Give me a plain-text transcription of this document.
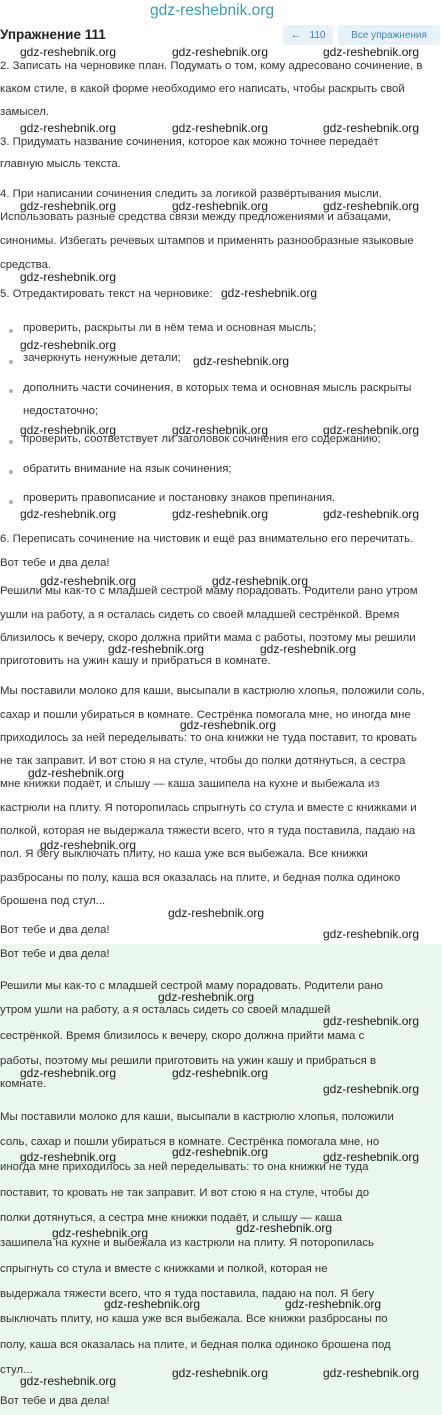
gdz-reshebnik.org
Упражнение 111	← 110	Все упражнения
2. Записать на черновике план. Подумать о том, кому адресовано сочинение, в
каком стиле, в какой форме необходимо его написать, чтобы раскрыть свой
замысел.
3. Придумать название сочинения, которое как можно точнее передаёт
главную мысль текста.
4. При написании сочинения следить за логикой развёртывания мысли.
Использовать разные средства связи между предложениями и абзацами,
синонимы. Избегать речевых штампов и применять разнообразные языковые
средства.
5. Отредактировать текст на черновике:
проверить, раскрыты ли в нём тема и основная мысль;
зачеркнуть ненужные детали;
дополнить части сочинения, в которых тема и основная мысль раскрыты
недостаточно;
проверить, соответствует ли заголовок сочинения его содержанию;
обратить внимание на язык сочинения;
проверить правописание и постановку знаков препинания.
6. Переписать сочинение на чистовик и ещё раз внимательно его перечитать.
Вот тебе и два дела!
Решили мы как-то с младшей сестрой маму порадовать. Родители рано утром
ушли на работу, а я осталась сидеть со своей младшей сестрёнкой. Время
близилось к вечеру, скоро должна прийти мама с работы, поэтому мы решили
приготовить на ужин кашу и прибраться в комнате.
Мы поставили молоко для каши, высыпали в кастрюлю хлопья, положили соль,
сахар и пошли убираться в комнате. Сестрёнка помогала мне, но иногда мне
приходилось за ней переделывать: то она книжки не туда поставит, то кровать
не так заправит. И вот стою я на стуле, чтобы до полки дотянуться, а сестра
мне книжки подаёт, и слышу — каша зашипела на кухне и выбежала из
кастрюли на плиту. Я поторопилась спрыгнуть со стула и вместе с книжками и
полкой, которая не выдержала тяжести всего, что я туда поставила, падаю на
пол. Я бегу выключать плиту, но каша уже вся выбежала. Все книжки
разбросаны по полу, каша вся оказалась на плите, и бедная полка одиноко
брошена под стул...
Вот тебе и два дела!
Вот тебе и два дела!
Решили мы как-то с младшей сестрой маму порадовать. Родители рано
утром ушли на работу, а я осталась сидеть со своей младшей
сестрёнкой. Время близилось к вечеру, скоро должна прийти мама с
работы, поэтому мы решили приготовить на ужин кашу и прибраться в
комнате.
Мы поставили молоко для каши, высыпали в кастрюлю хлопья, положили
соль, сахар и пошли убираться в комнате. Сестрёнка помогала мне, но
иногда мне приходилось за ней переделывать: то она книжки не туда
поставит, то кровать не так заправит. И вот стою я на стуле, чтобы до
полки дотянуться, а сестра мне книжки подаёт, и слышу — каша
зашипела на кухне и выбежала из кастрюли на плиту. Я поторопилась
спрыгнуть со стула и вместе с книжками и полкой, которая не
выдержала тяжести всего, что я туда поставила, падаю на пол. Я бегу
выключать плиту, но каша уже вся выбежала. Все книжки разбросаны по
полу, каша вся оказалась на плите, и бедная полка одиноко брошена под
стул...
Вот тебе и два дела!
gdz-reshebnik.org	gdz-reshebnik.org	gdz-reshebnik.org
gdz-reshebnik.org	gdz-reshebnik.org	gdz-reshebnik.org
gdz-reshebnik.org	gdz-reshebnik.org	gdz-reshebnik.org
gdz-reshebnik.org
gdz-reshebnik.org
gdz-reshebnik.org
gdz-reshebnik.org
gdz-reshebnik.org	gdz-reshebnik.org	gdz-reshebnik.org
gdz-reshebnik.org	gdz-reshebnik.org	gdz-reshebnik.org
gdz-reshebnik.org	gdz-reshebnik.org
gdz-reshebnik.org	gdz-reshebnik.org
gdz-reshebnik.org
gdz-reshebnik.org
gdz-reshebnik.org
gdz-reshebnik.org
gdz-reshebnik.org
gdz-reshebnik.org
gdz-reshebnik.org
gdz-reshebnik.org	gdz-reshebnik.org
gdz-reshebnik.org
gdz-reshebnik.org	gdz-reshebnik.org	gdz-reshebnik.org
gdz-reshebnik.org	gdz-reshebnik.org
gdz-reshebnik.org	gdz-reshebnik.org
gdz-reshebnik.org
gdz-reshebnik.org	gdz-reshebnik.org
